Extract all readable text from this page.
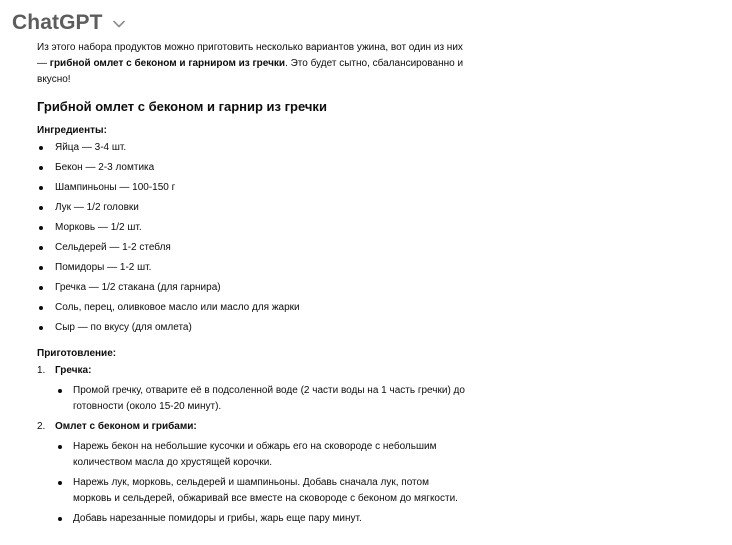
ChatGPT

Из этого набора продуктов можно приготовить несколько вариантов ужина, вот один из них — грибной омлет с беконом и гарниром из гречки. Это будет сытно, сбалансированно и вкусно!

Грибной омлет с беконом и гарнир из гречки
Ингредиенты:
Яйца — 3-4 шт.
Бекон — 2-3 ломтика
Шампиньоны — 100-150 г
Лук — 1/2 головки
Морковь — 1/2 шт.
Сельдерей — 1-2 стебля
Помидоры — 1-2 шт.
Гречка — 1/2 стакана (для гарнира)
Соль, перец, оливковое масло или масло для жарки
Сыр — по вкусу (для омлета)
Приготовление:
1. Гречка:
Промой гречку, отварите её в подсоленной воде (2 части воды на 1 часть гречки) до готовности (около 15-20 минут).
2. Омлет с беконом и грибами:
Нарежь бекон на небольшие кусочки и обжарь его на сковороде с небольшим количеством масла до хрустящей корочки.
Нарежь лук, морковь, сельдерей и шампиньоны. Добавь сначала лук, потом морковь и сельдерей, обжаривай все вместе на сковороде с беконом до мягкости.
Добавь нарезанные помидоры и грибы, жарь еще пару минут.
